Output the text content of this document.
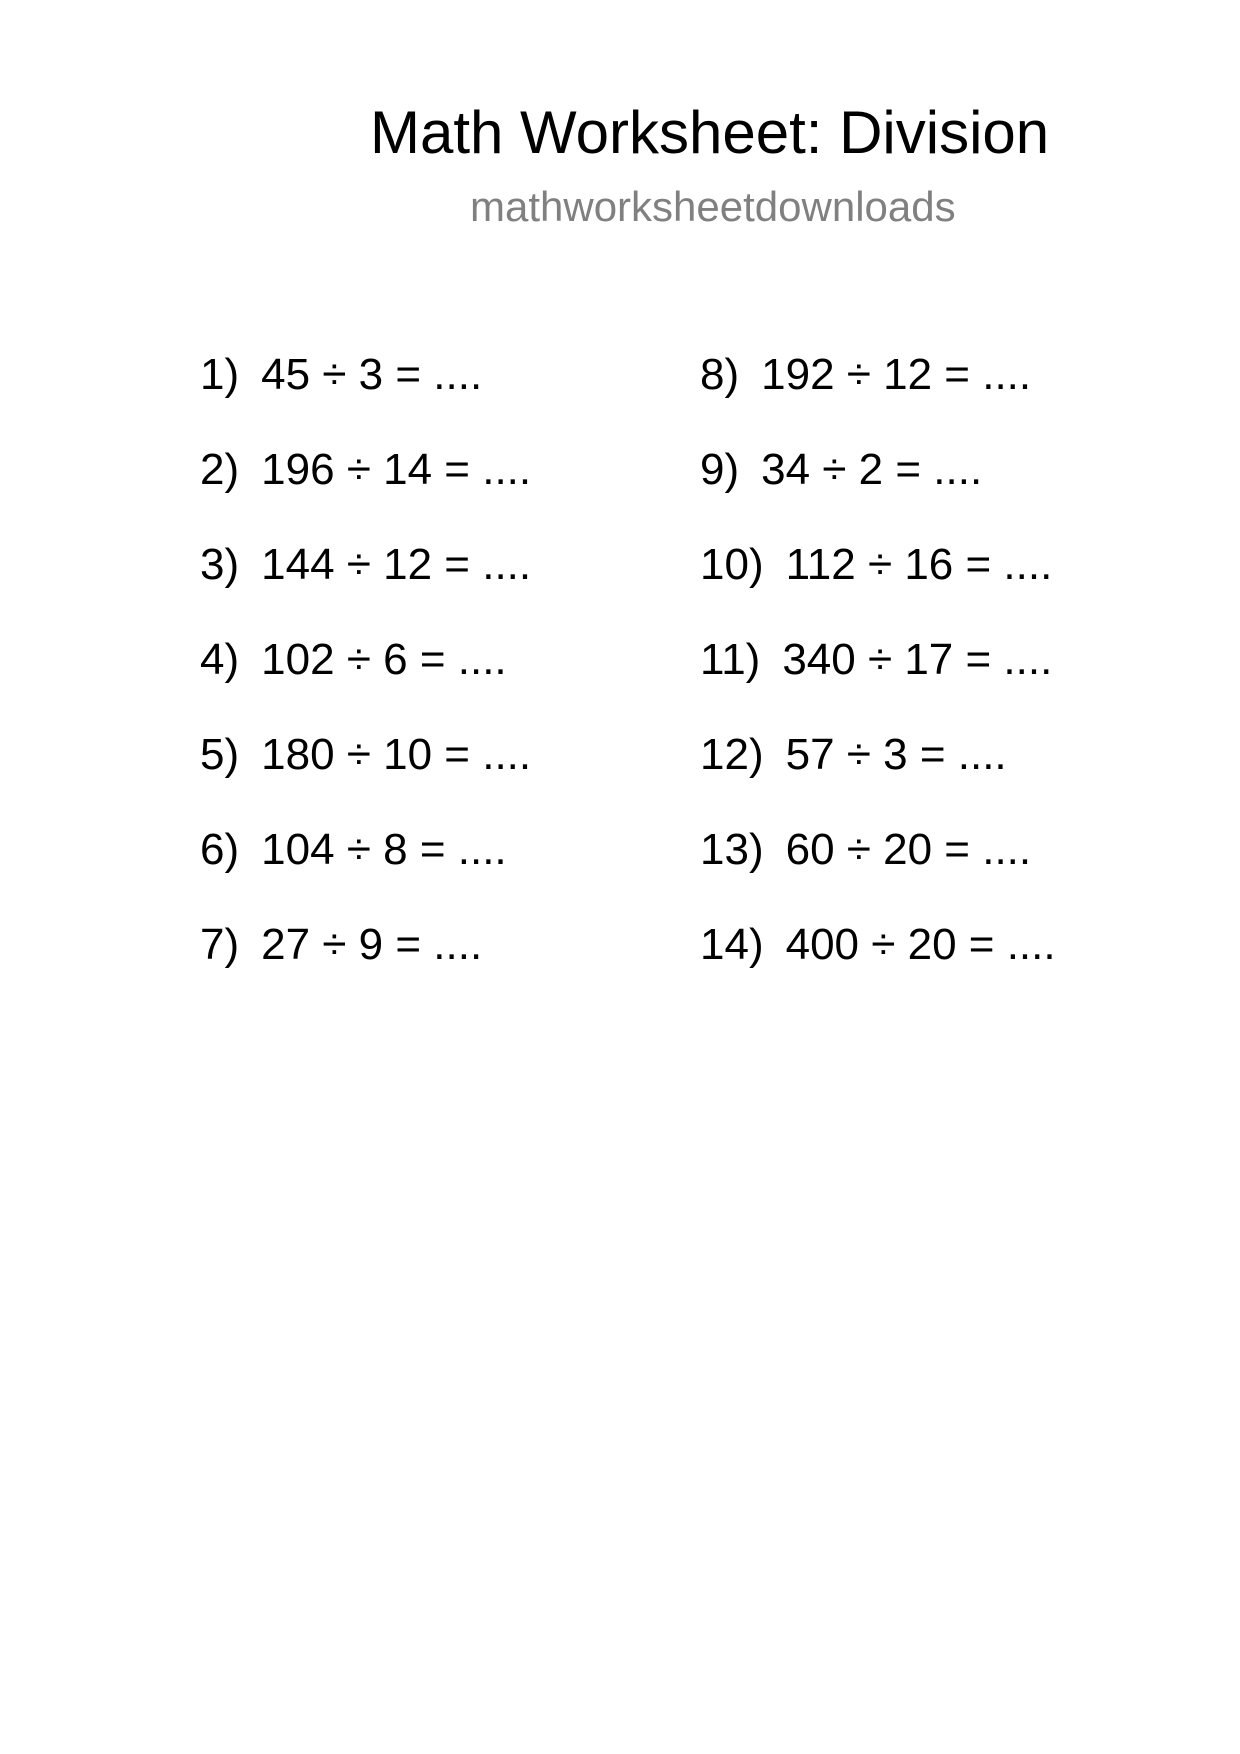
Math Worksheet: Division
mathworksheetdownloads
1) 45 ÷ 3 = ....
2) 196 ÷ 14 = ....
3) 144 ÷ 12 = ....
4) 102 ÷ 6 = ....
5) 180 ÷ 10 = ....
6) 104 ÷ 8 = ....
7) 27 ÷ 9 = ....
8) 192 ÷ 12 = ....
9) 34 ÷ 2 = ....
10) 112 ÷ 16 = ....
11) 340 ÷ 17 = ....
12) 57 ÷ 3 = ....
13) 60 ÷ 20 = ....
14) 400 ÷ 20 = ....
